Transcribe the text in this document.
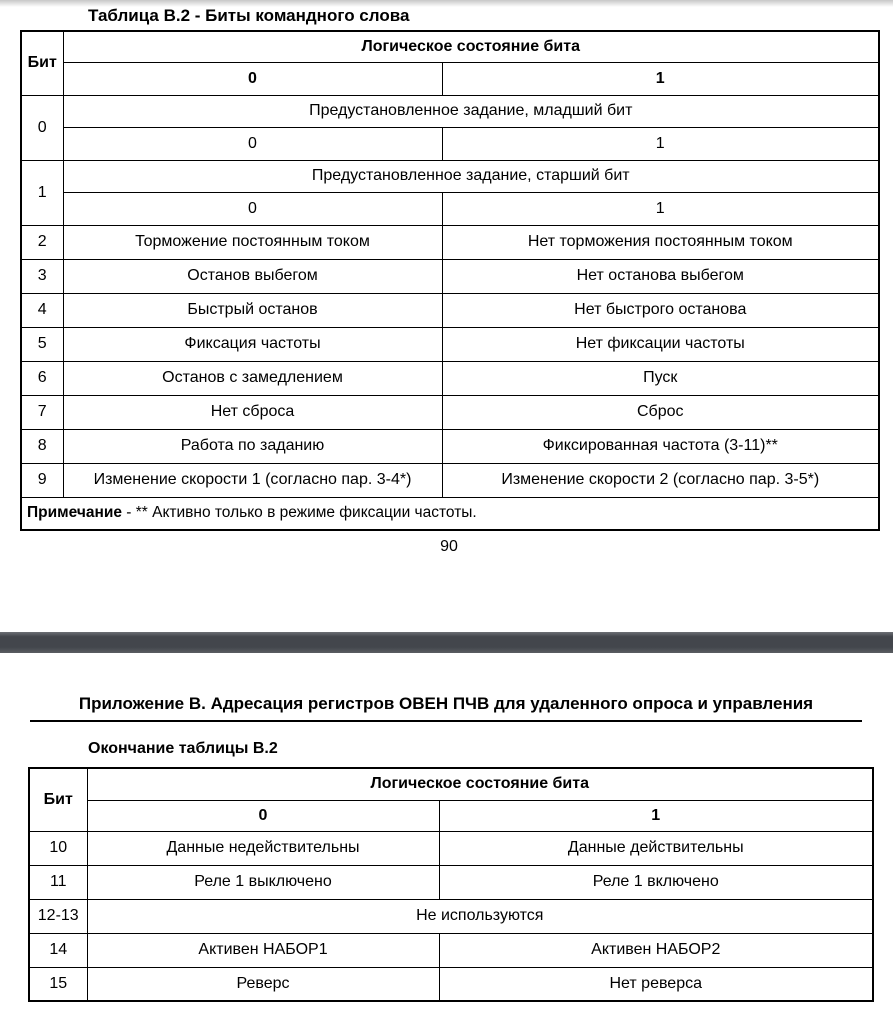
Таблица В.2 - Биты командного слова
Бит	Логическое состояние бита	
	0	1
0	Предустановленное задание, младший бит	
	0	1
1	Предустановленное задание, старший бит	
	0	1
2	Торможение постоянным током	Нет торможения постоянным током
3	Останов выбегом	Нет останова выбегом
4	Быстрый останов	Нет быстрого останова
5	Фиксация частоты	Нет фиксации частоты
6	Останов с замедлением	Пуск
7	Нет сброса	Сброс
8	Работа по заданию	Фиксированная частота (3-11)**
9	Изменение скорости 1 (согласно пар. 3-4*)	Изменение скорости 2 (согласно пар. 3-5*)
Примечание - ** Активно только в режиме фиксации частоты.		
90
Приложение В. Адресация регистров ОВЕН ПЧВ для удаленного опроса и управления
Окончание таблицы В.2
Бит	Логическое состояние бита	
	0	1
10	Данные недействительны	Данные действительны
11	Реле 1 выключено	Реле 1 включено
12-13	Не используются	
14	Активен НАБОР1	Активен НАБОР2
15	Реверс	Нет реверса
